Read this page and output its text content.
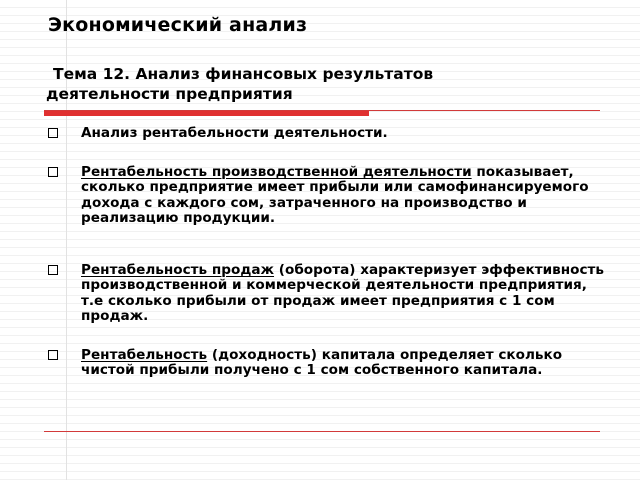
Экономический анализ
Тема 12. Анализ финансовых результатов
деятельности предприятия
Анализ рентабельности деятельности.
Рентабельность производственной деятельности показывает, сколько предприятие имеет прибыли или самофинансируемого дохода с каждого сом, затраченного на производство и реализацию продукции.
Рентабельность продаж (оборота) характеризует эффективность производственной и коммерческой деятельности предприятия, т.е сколько прибыли от продаж имеет предприятия с 1 сом продаж.
Рентабельность (доходность) капитала определяет сколько чистой прибыли получено с 1 сом собственного капитала.
